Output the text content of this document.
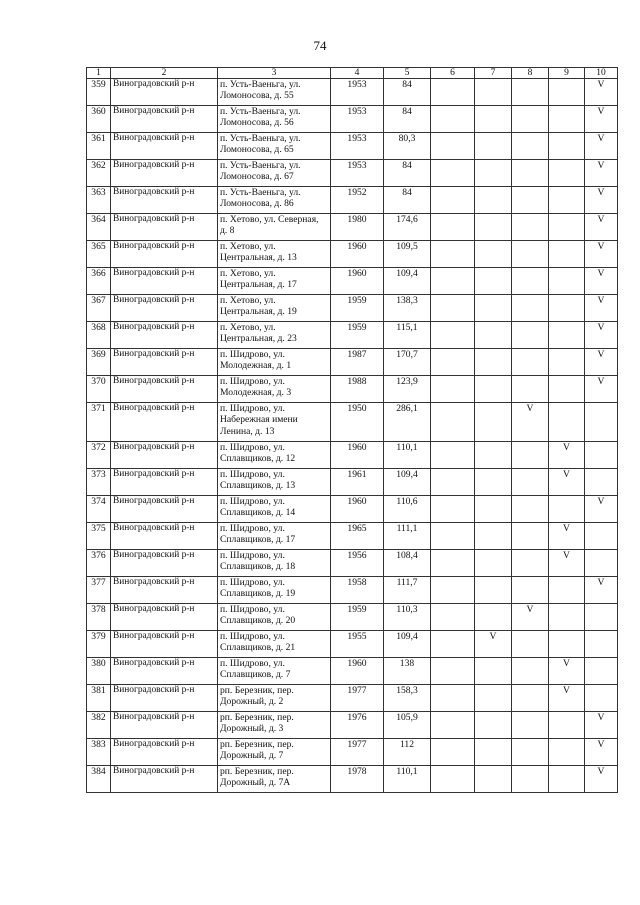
74
1	2	3	4	5	6	7	8	9	10
359	Виноградовский р-н	п. Усть-Ваеньга, ул. Ломоносова, д. 55	1953	84					V
360	Виноградовский р-н	п. Усть-Ваеньга, ул. Ломоносова, д. 56	1953	84					V
361	Виноградовский р-н	п. Усть-Ваеньга, ул. Ломоносова, д. 65	1953	80,3					V
362	Виноградовский р-н	п. Усть-Ваеньга, ул. Ломоносова, д. 67	1953	84					V
363	Виноградовский р-н	п. Усть-Ваеньга, ул. Ломоносова, д. 86	1952	84					V
364	Виноградовский р-н	п. Хетово, ул. Северная, д. 8	1980	174,6					V
365	Виноградовский р-н	п. Хетово, ул. Центральная, д. 13	1960	109,5					V
366	Виноградовский р-н	п. Хетово, ул. Центральная, д. 17	1960	109,4					V
367	Виноградовский р-н	п. Хетово, ул. Центральная, д. 19	1959	138,3					V
368	Виноградовский р-н	п. Хетово, ул. Центральная, д. 23	1959	115,1					V
369	Виноградовский р-н	п. Шидрово, ул. Молодежная, д. 1	1987	170,7					V
370	Виноградовский р-н	п. Шидрово, ул. Молодежная, д. 3	1988	123,9					V
371	Виноградовский р-н	п. Шидрово, ул. Набережная имени Ленина, д. 13	1950	286,1			V		
372	Виноградовский р-н	п. Шидрово, ул. Сплавщиков, д. 12	1960	110,1				V	
373	Виноградовский р-н	п. Шидрово, ул. Сплавщиков, д. 13	1961	109,4				V	
374	Виноградовский р-н	п. Шидрово, ул. Сплавщиков, д. 14	1960	110,6					V
375	Виноградовский р-н	п. Шидрово, ул. Сплавщиков, д. 17	1965	111,1				V	
376	Виноградовский р-н	п. Шидрово, ул. Сплавщиков, д. 18	1956	108,4				V	
377	Виноградовский р-н	п. Шидрово, ул. Сплавщиков, д. 19	1958	111,7					V
378	Виноградовский р-н	п. Шидрово, ул. Сплавщиков, д. 20	1959	110,3			V		
379	Виноградовский р-н	п. Шидрово, ул. Сплавщиков, д. 21	1955	109,4		V			
380	Виноградовский р-н	п. Шидрово, ул. Сплавщиков, д. 7	1960	138				V	
381	Виноградовский р-н	рп. Березник, пер. Дорожный, д. 2	1977	158,3				V	
382	Виноградовский р-н	рп. Березник, пер. Дорожный, д. 3	1976	105,9					V
383	Виноградовский р-н	рп. Березник, пер. Дорожный, д. 7	1977	112					V
384	Виноградовский р-н	рп. Березник, пер. Дорожный, д. 7А	1978	110,1					V
